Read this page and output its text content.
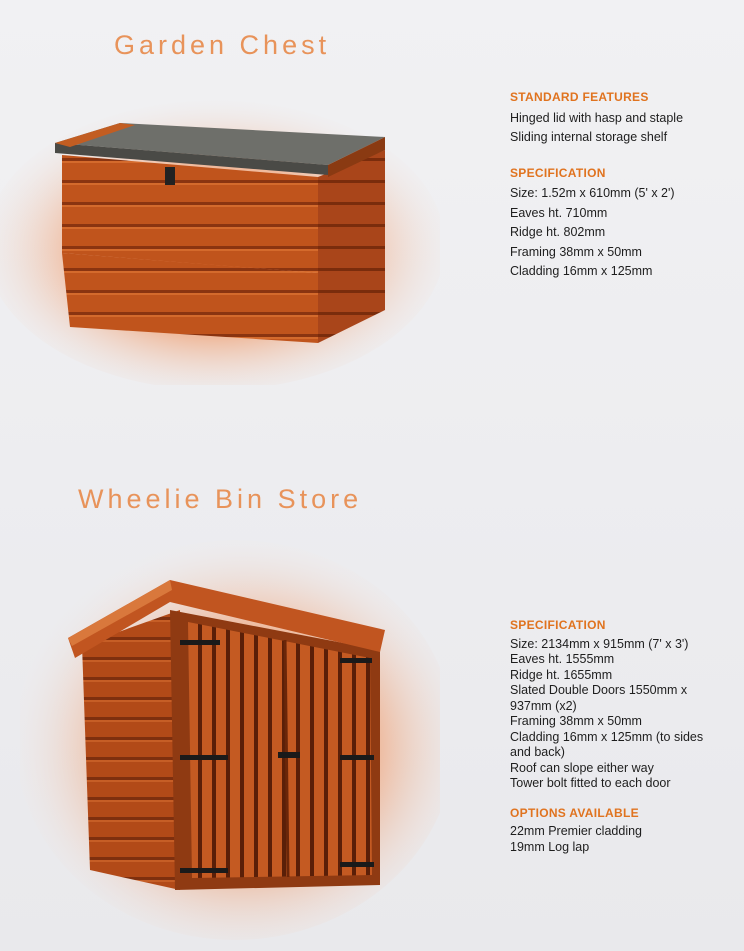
Garden Chest
STANDARD FEATURES
Hinged lid with hasp and staple
Sliding internal storage shelf
SPECIFICATION
Size: 1.52m x 610mm (5' x 2')
Eaves ht. 710mm
Ridge ht. 802mm
Framing 38mm x 50mm
Cladding 16mm x 125mm
Wheelie Bin Store
SPECIFICATION
Size: 2134mm x 915mm (7' x 3')
Eaves ht. 1555mm
Ridge ht. 1655mm
Slated Double Doors 1550mm x 937mm (x2)
Framing 38mm x 50mm
Cladding 16mm x 125mm (to sides and back)
Roof can slope either way
Tower bolt fitted to each door
OPTIONS AVAILABLE
22mm Premier cladding
19mm Log lap
